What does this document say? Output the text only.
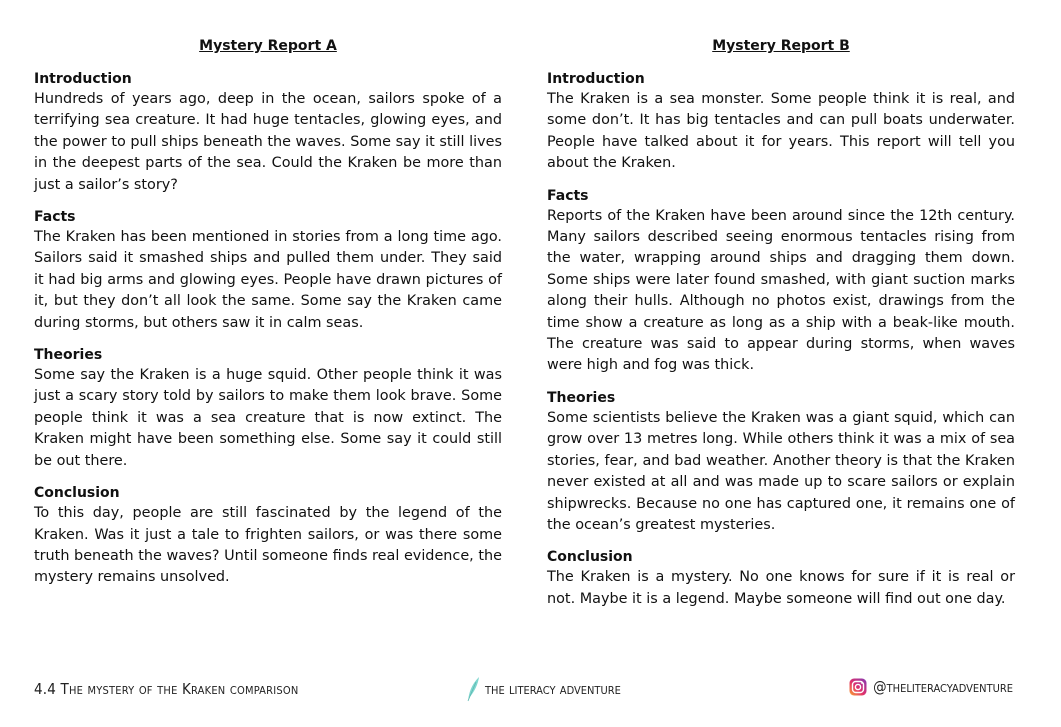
Mystery Report A
Introduction

Hundreds of years ago, deep in the ocean, sailors spoke of a terrifying sea creature. It had huge tentacles, glowing eyes, and the power to pull ships beneath the waves. Some say it still lives in the deepest parts of the sea. Could the Kraken be more than just a sailor’s story?

Facts

The Kraken has been mentioned in stories from a long time ago. Sailors said it smashed ships and pulled them under. They said it had big arms and glowing eyes. People have drawn pictures of it, but they don’t all look the same. Some say the Kraken came during storms, but others saw it in calm seas.

Theories

Some say the Kraken is a huge squid. Other people think it was just a scary story told by sailors to make them look brave. Some people think it was a sea creature that is now extinct. The Kraken might have been something else. Some say it could still be out there.

Conclusion

To this day, people are still fascinated by the legend of the Kraken. Was it just a tale to frighten sailors, or was there some truth beneath the waves? Until someone finds real evidence, the mystery remains unsolved.

Mystery Report B
Introduction

The Kraken is a sea monster. Some people think it is real, and some don’t. It has big tentacles and can pull boats underwater. People have talked about it for years. This report will tell you about the Kraken.

Facts

Reports of the Kraken have been around since the 12th century. Many sailors described seeing enormous tentacles rising from the water, wrapping around ships and dragging them down. Some ships were later found smashed, with giant suction marks along their hulls. Although no photos exist, drawings from the time show a creature as long as a ship with a beak-like mouth. The creature was said to appear during storms, when waves were high and fog was thick.

Theories

Some scientists believe the Kraken was a giant squid, which can grow over 13 metres long. While others think it was a mix of sea stories, fear, and bad weather. Another theory is that the Kraken never existed at all and was made up to scare sailors or explain shipwrecks. Because no one has captured one, it remains one of the ocean’s greatest mysteries.

Conclusion

The Kraken is a mystery. No one knows for sure if it is real or not. Maybe it is a legend. Maybe someone will find out one day.

4.4 The mystery of the Kraken comparison	the literacy adventure	@theliteracyadventure
